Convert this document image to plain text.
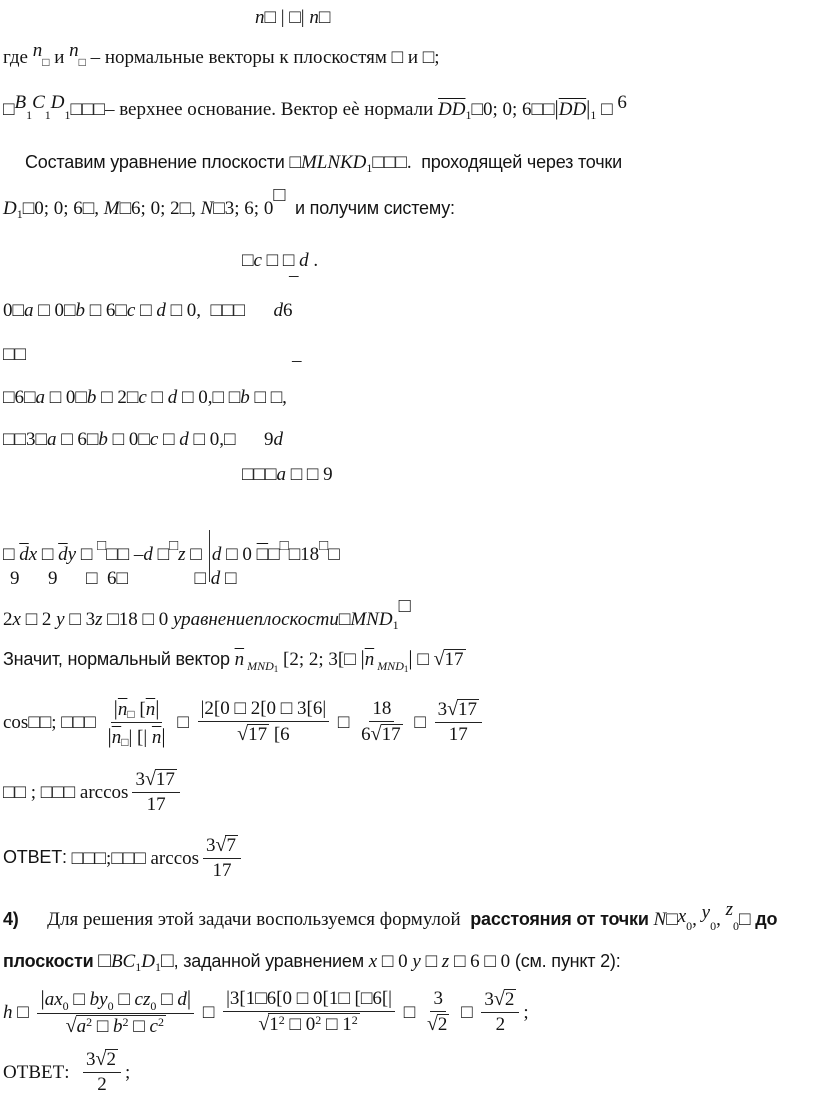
n□ | □| n□
где n□ и n□ – нормальные векторы к плоскостям □ и □;
$□B_1C_1D_1□□□-$ верхнее основание. Вектор еѐ нормали $\overline{DD}_1□0$; 0; $6□□|\overline{DD}|_1$ □ 6
Составим уравнение плоскости $□MLNKD_1□□□$.  проходящей через точки
$D_1□0$; 0; 6□, M□6; 0; 2□, N□3; 6; 0□  и получим систему:
□c □ □ d .
–
0□a □ 0□b □ 6□c □ d □ 0,  □□□ d6
□□	–
□6□a □ 0□b □ 2□c □ d □ 0,□ □b □ □,
□□3□a □ 6□b □ 0□c □ d □ 0,□      9d
□□□a □ □ 9
□ $\overline{d}x$ □ $\overline{d}y$ □ □□□ –d □□z □ d □ 0 □□□□18□□
9      9      □  6□              □ d □
2x □ 2 y □ 3z □18 □ 0 $уравнениеплоскости□MND_1□$
Значит, нормальный вектор $\overline{n}$ $_{MND1}$ [2; 2; 3[□ $|\overline{n}$ $_{MND1}$| □ √17
cos □□; □□□ $\frac{|\overline{n}□ [\overline{n}|}{|\overline{n}□| [| \overline{n}|}$ □ $\frac{|2[0 □ 2[0 □ 3[6|}{√17 [6}$ □ $\frac{18}{6√17}$ □ $\frac{3√17}{17}$
□□ ; □□□ $\arccos \frac{3√17}{17}$
ОТВЕТ: □□□;□□□ $\arccos \frac{3√7}{17}$
4) Для решения этой задачи воспользуемся формулой  расстояния от точки $N□x_0$, $y_0$, $z_0□$ до
плоскости $□BC_1D_1□$, заданной уравнением x □ 0 y □ z □ 6 □ 0 (см. пункт 2):
h □ $\frac{|ax_0 □ by_0 □ cz_0 □ d|}{√a^2 □ b^2 □ c^2}$ □ $\frac{|3[1□6[0 □ 0[1□ [□6[|}{√1^2 □ 0^2 □ 1^2}$ □ $\frac{3}{√2}$ □ $\frac{3√2}{2}$ ;
ОТВЕТ: $\frac{3√2}{2}$ ;
